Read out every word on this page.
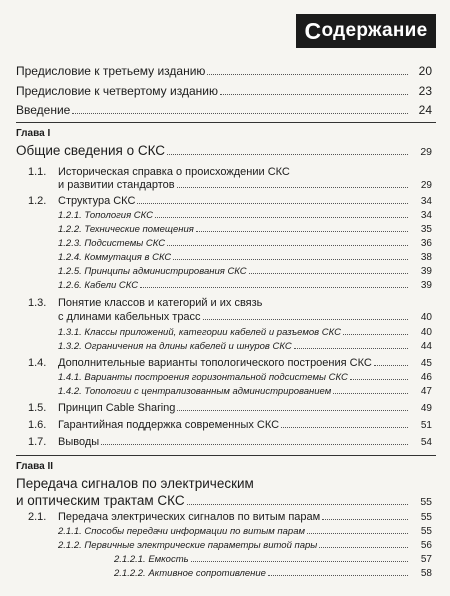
С одержание
Предисловие к третьему изданию	20
Предисловие к четвертому изданию	23
Введение	24
Глава I
Общие сведения о СКС	29
1.1. Историческая справка о происхождении СКС
и развитии стандартов	29
1.2. Структура СКС	34
1.2.1. Топология СКС	34
1.2.2. Технические помещения	35
1.2.3. Подсистемы СКС	36
1.2.4. Коммутация в СКС	38
1.2.5. Принципы администрирования СКС	39
1.2.6. Кабели СКС	39
1.3. Понятие классов и категорий и их связь
с длинами кабельных трасс	40
1.3.1. Классы приложений, категории кабелей и разъемов СКС	40
1.3.2. Ограничения на длины кабелей и шнуров СКС	44
1.4. Дополнительные варианты топологического построения СКС	45
1.4.1. Варианты построения горизонтальной подсистемы СКС	46
1.4.2. Топологии с централизованным администрированием	47
1.5. Принцип Cable Sharing	49
1.6. Гарантийная поддержка современных СКС	51
1.7. Выводы	54
Глава II
Передача сигналов по электрическим
и оптическим трактам СКС	55
2.1. Передача электрических сигналов по витым парам	55
2.1.1. Способы передачи информации по витым парам	55
2.1.2. Первичные электрические параметры витой пары	56
2.1.2.1. Емкость	57
2.1.2.2. Активное сопротивление	58
